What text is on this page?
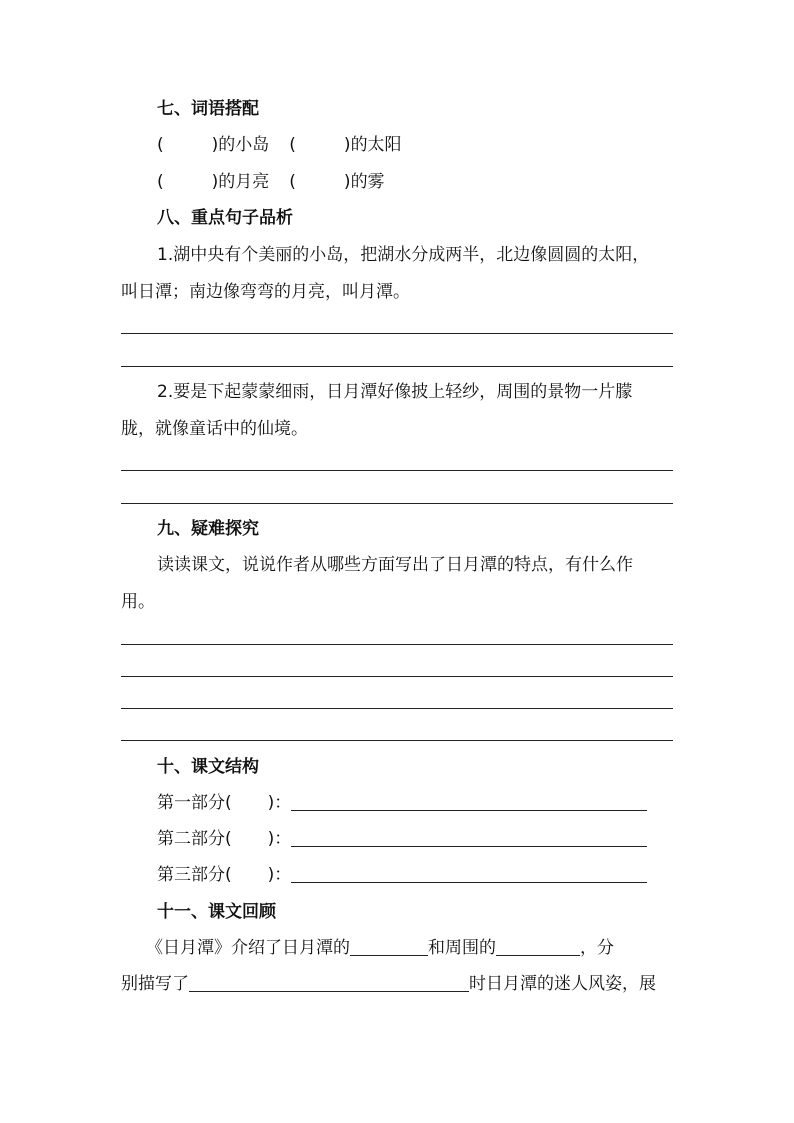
七、词语搭配
(	)的小岛 (	)的太阳
(	)的月亮 (	)的雾
八、重点句子品析
1.湖中央有个美丽的小岛，把湖水分成两半，北边像圆圆的太阳，
叫日潭；南边像弯弯的月亮，叫月潭。
2.要是下起蒙蒙细雨，日月潭好像披上轻纱，周围的景物一片朦
胧，就像童话中的仙境。
九、疑难探究
读读课文，说说作者从哪些方面写出了日月潭的特点，有什么作
用。
十、课文结构
第一部分( )：
第二部分( )：
第三部分( )：
十一、课文回顾
《日月潭》介绍了日月潭的	和周围的	，分
别描写了	时日月潭的迷人风姿，展
